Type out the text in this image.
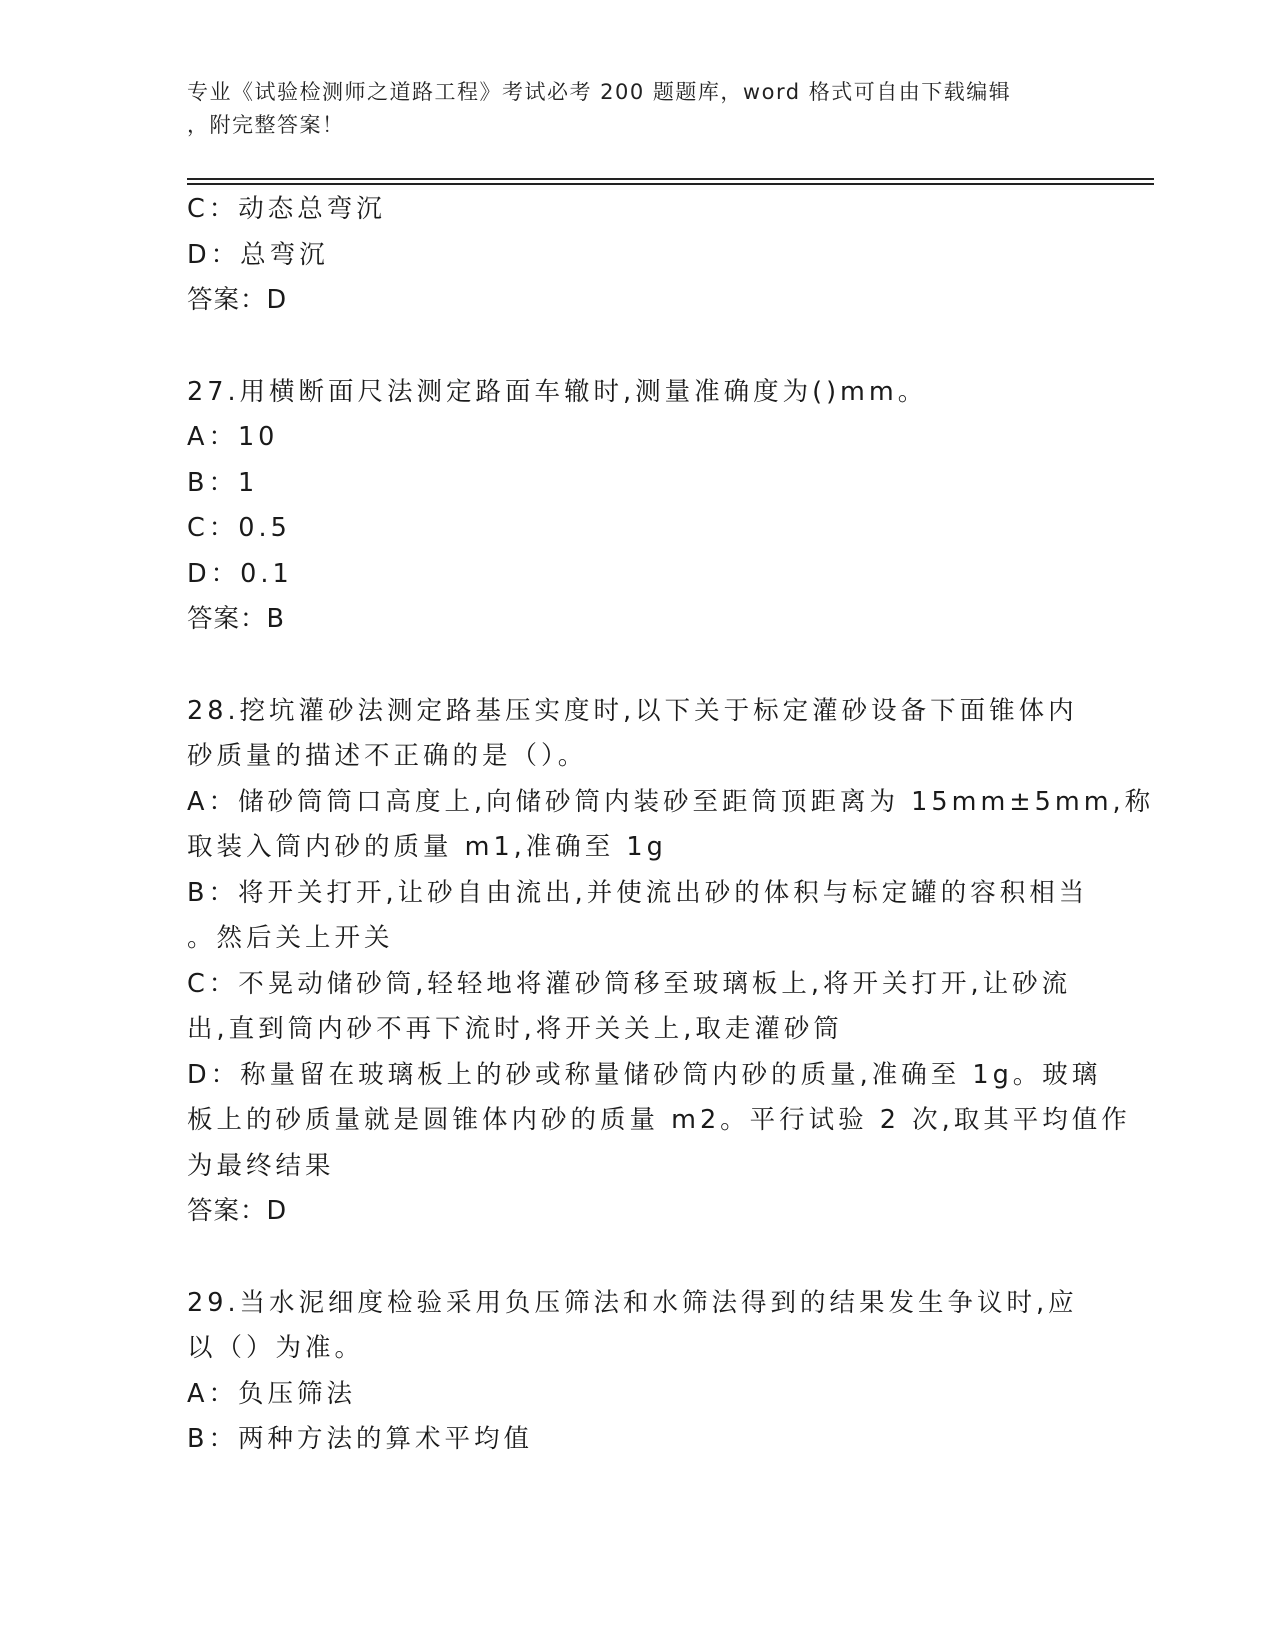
专业《试验检测师之道路工程》考试必考 200 题题库，word 格式可自由下载编辑
，附完整答案！
C：动态总弯沉
D：总弯沉
答案：D
27.用横断面尺法测定路面车辙时,测量准确度为()mm。
A：10
B：1
C：0.5
D：0.1
答案：B
28.挖坑灌砂法测定路基压实度时,以下关于标定灌砂设备下面锥体内
砂质量的描述不正确的是（）。
A：储砂筒筒口高度上,向储砂筒内装砂至距筒顶距离为 15mm±5mm,称
取装入筒内砂的质量 m1,准确至 1g
B：将开关打开,让砂自由流出,并使流出砂的体积与标定罐的容积相当
。然后关上开关
C：不晃动储砂筒,轻轻地将灌砂筒移至玻璃板上,将开关打开,让砂流
出,直到筒内砂不再下流时,将开关关上,取走灌砂筒
D：称量留在玻璃板上的砂或称量储砂筒内砂的质量,准确至 1g。玻璃
板上的砂质量就是圆锥体内砂的质量 m2。平行试验 2 次,取其平均值作
为最终结果
答案：D
29.当水泥细度检验采用负压筛法和水筛法得到的结果发生争议时,应
以（）为准。
A：负压筛法
B：两种方法的算术平均值
